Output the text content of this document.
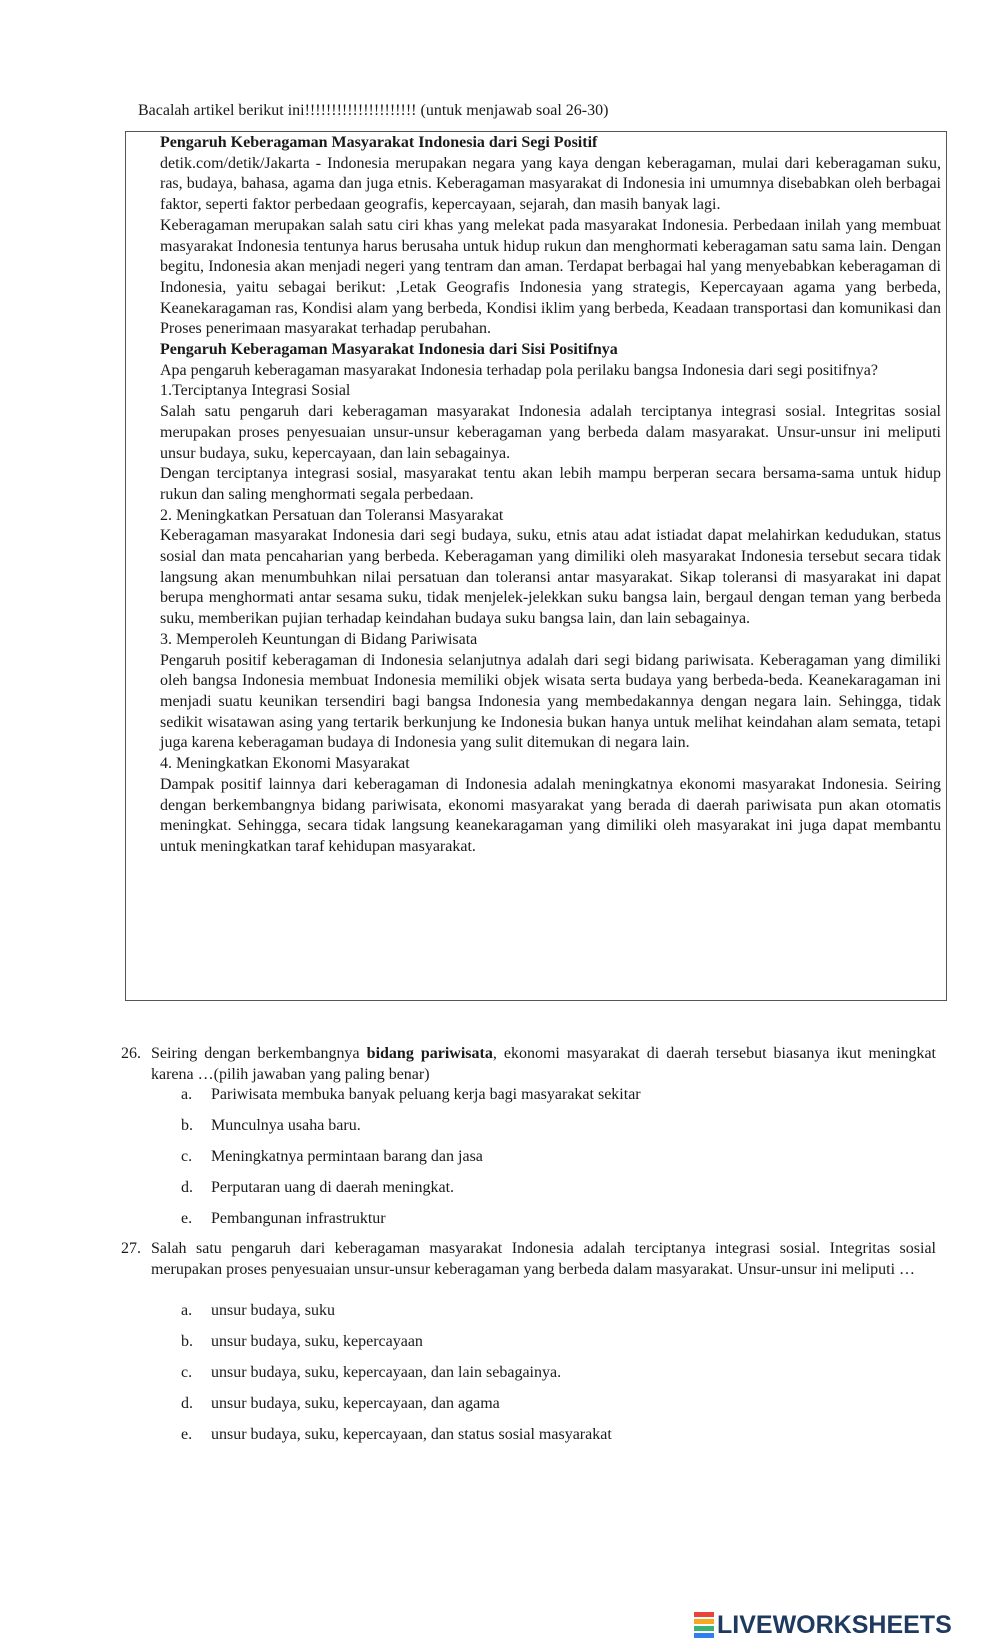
Bacalah artikel berikut ini!!!!!!!!!!!!!!!!!!!!! (untuk menjawab soal 26-30)

Pengaruh Keberagaman Masyarakat Indonesia dari Segi Positif

detik.com/detik/Jakarta - Indonesia merupakan negara yang kaya dengan keberagaman, mulai dari keberagaman suku, ras, budaya, bahasa, agama dan juga etnis. Keberagaman masyarakat di Indonesia ini umumnya disebabkan oleh berbagai faktor, seperti faktor perbedaan geografis, kepercayaan, sejarah, dan masih banyak lagi.

Keberagaman merupakan salah satu ciri khas yang melekat pada masyarakat Indonesia. Perbedaan inilah yang membuat masyarakat Indonesia tentunya harus berusaha untuk hidup rukun dan menghormati keberagaman satu sama lain. Dengan begitu, Indonesia akan menjadi negeri yang tentram dan aman. Terdapat berbagai hal yang menyebabkan keberagaman di Indonesia, yaitu sebagai berikut: ,Letak Geografis Indonesia yang strategis, Kepercayaan agama yang berbeda, Keanekaragaman ras, Kondisi alam yang berbeda, Kondisi iklim yang berbeda, Keadaan transportasi dan komunikasi dan Proses penerimaan masyarakat terhadap perubahan.

Pengaruh Keberagaman Masyarakat Indonesia dari Sisi Positifnya

Apa pengaruh keberagaman masyarakat Indonesia terhadap pola perilaku bangsa Indonesia dari segi positifnya?

1.Terciptanya Integrasi Sosial

Salah satu pengaruh dari keberagaman masyarakat Indonesia adalah terciptanya integrasi sosial. Integritas sosial merupakan proses penyesuaian unsur-unsur keberagaman yang berbeda dalam masyarakat. Unsur-unsur ini meliputi unsur budaya, suku, kepercayaan, dan lain sebagainya.

Dengan terciptanya integrasi sosial, masyarakat tentu akan lebih mampu berperan secara bersama-sama untuk hidup rukun dan saling menghormati segala perbedaan.

2. Meningkatkan Persatuan dan Toleransi Masyarakat

Keberagaman masyarakat Indonesia dari segi budaya, suku, etnis atau adat istiadat dapat melahirkan kedudukan, status sosial dan mata pencaharian yang berbeda. Keberagaman yang dimiliki oleh masyarakat Indonesia tersebut secara tidak langsung akan menumbuhkan nilai persatuan dan toleransi antar masyarakat. Sikap toleransi di masyarakat ini dapat berupa menghormati antar sesama suku, tidak menjelek-jelekkan suku bangsa lain, bergaul dengan teman yang berbeda suku, memberikan pujian terhadap keindahan budaya suku bangsa lain, dan lain sebagainya.

3. Memperoleh Keuntungan di Bidang Pariwisata

Pengaruh positif keberagaman di Indonesia selanjutnya adalah dari segi bidang pariwisata. Keberagaman yang dimiliki oleh bangsa Indonesia membuat Indonesia memiliki objek wisata serta budaya yang berbeda-beda. Keanekaragaman ini menjadi suatu keunikan tersendiri bagi bangsa Indonesia yang membedakannya dengan negara lain. Sehingga, tidak sedikit wisatawan asing yang tertarik berkunjung ke Indonesia bukan hanya untuk melihat keindahan alam semata, tetapi juga karena keberagaman budaya di Indonesia yang sulit ditemukan di negara lain.

4. Meningkatkan Ekonomi Masyarakat

Dampak positif lainnya dari keberagaman di Indonesia adalah meningkatnya ekonomi masyarakat Indonesia. Seiring dengan berkembangnya bidang pariwisata, ekonomi masyarakat yang berada di daerah pariwisata pun akan otomatis meningkat. Sehingga, secara tidak langsung keanekaragaman yang dimiliki oleh masyarakat ini juga dapat membantu untuk meningkatkan taraf kehidupan masyarakat.

26. Seiring dengan berkembangnya bidang pariwisata, ekonomi masyarakat di daerah tersebut biasanya ikut meningkat karena …(pilih jawaban yang paling benar)
a. Pariwisata membuka banyak peluang kerja bagi masyarakat sekitar
b. Munculnya usaha baru.
c. Meningkatnya permintaan barang dan jasa
d. Perputaran uang di daerah meningkat.
e. Pembangunan infrastruktur
27. Salah satu pengaruh dari keberagaman masyarakat Indonesia adalah terciptanya integrasi sosial. Integritas sosial merupakan proses penyesuaian unsur-unsur keberagaman yang berbeda dalam masyarakat. Unsur-unsur ini meliputi …
a. unsur budaya, suku
b. unsur budaya, suku, kepercayaan
c. unsur budaya, suku, kepercayaan, dan lain sebagainya.
d. unsur budaya, suku, kepercayaan, dan agama
e. unsur budaya, suku, kepercayaan, dan status sosial masyarakat
LIVEWORKSHEETS
